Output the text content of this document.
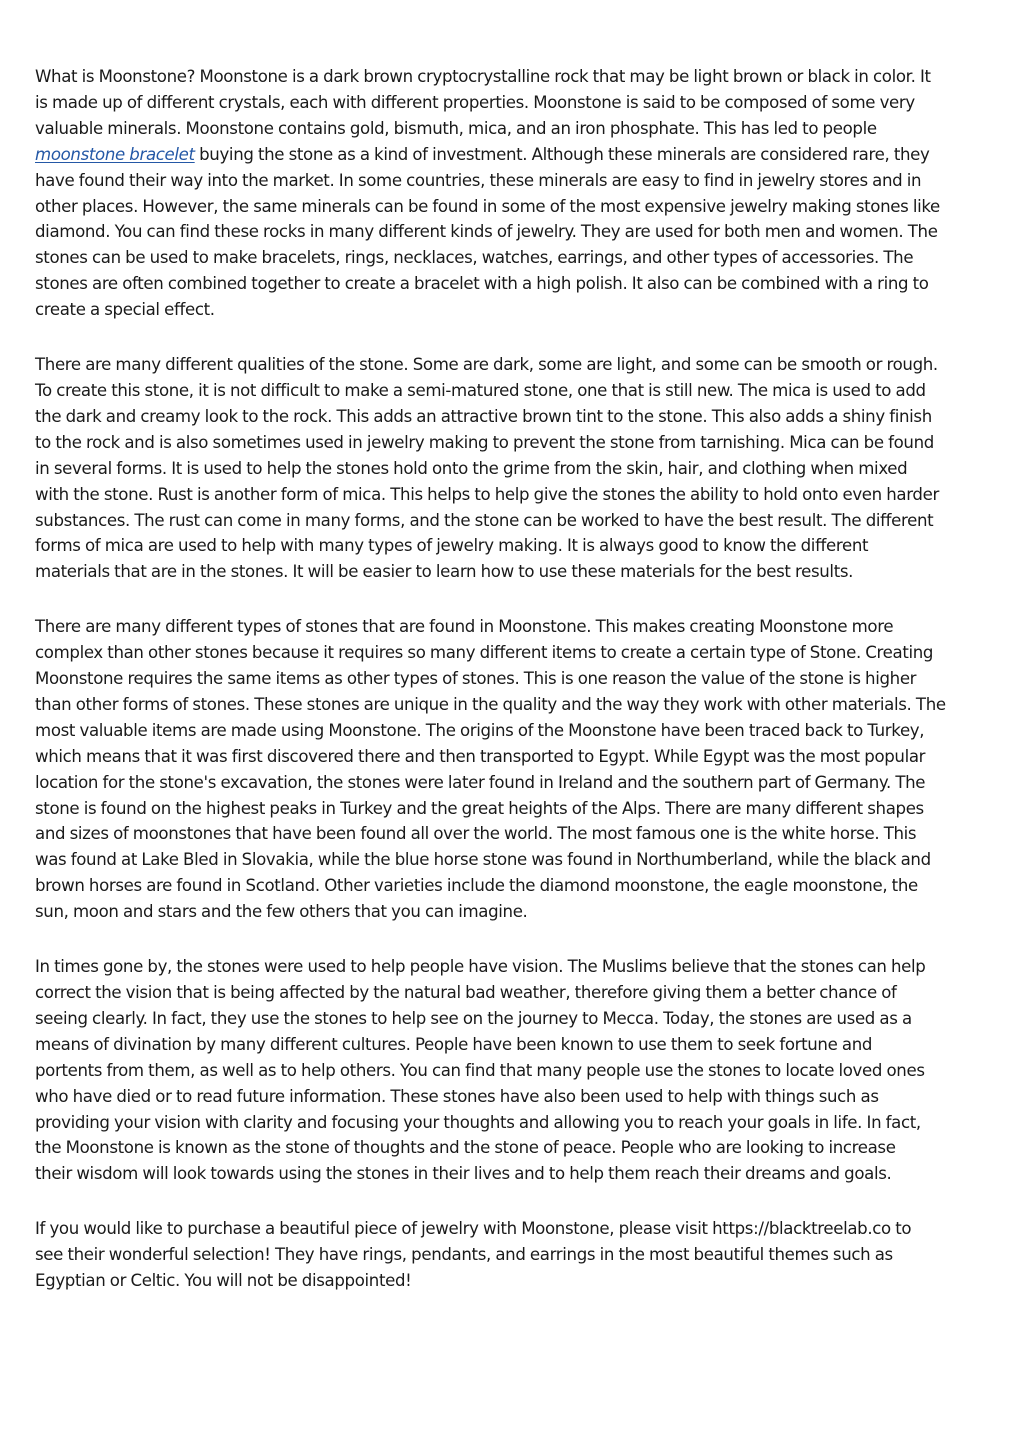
What is Moonstone? Moonstone is a dark brown cryptocrystalline rock that may be light brown or black in color. It
is made up of different crystals, each with different properties. Moonstone is said to be composed of some very
valuable minerals. Moonstone contains gold, bismuth, mica, and an iron phosphate. This has led to people
moonstone bracelet buying the stone as a kind of investment. Although these minerals are considered rare, they
have found their way into the market. In some countries, these minerals are easy to find in jewelry stores and in
other places. However, the same minerals can be found in some of the most expensive jewelry making stones like
diamond. You can find these rocks in many different kinds of jewelry. They are used for both men and women. The
stones can be used to make bracelets, rings, necklaces, watches, earrings, and other types of accessories. The
stones are often combined together to create a bracelet with a high polish. It also can be combined with a ring to
create a special effect.

There are many different qualities of the stone. Some are dark, some are light, and some can be smooth or rough.
To create this stone, it is not difficult to make a semi-matured stone, one that is still new. The mica is used to add
the dark and creamy look to the rock. This adds an attractive brown tint to the stone. This also adds a shiny finish
to the rock and is also sometimes used in jewelry making to prevent the stone from tarnishing. Mica can be found
in several forms. It is used to help the stones hold onto the grime from the skin, hair, and clothing when mixed
with the stone. Rust is another form of mica. This helps to help give the stones the ability to hold onto even harder
substances. The rust can come in many forms, and the stone can be worked to have the best result. The different
forms of mica are used to help with many types of jewelry making. It is always good to know the different
materials that are in the stones. It will be easier to learn how to use these materials for the best results.

There are many different types of stones that are found in Moonstone. This makes creating Moonstone more
complex than other stones because it requires so many different items to create a certain type of Stone. Creating
Moonstone requires the same items as other types of stones. This is one reason the value of the stone is higher
than other forms of stones. These stones are unique in the quality and the way they work with other materials. The
most valuable items are made using Moonstone. The origins of the Moonstone have been traced back to Turkey,
which means that it was first discovered there and then transported to Egypt. While Egypt was the most popular
location for the stone's excavation, the stones were later found in Ireland and the southern part of Germany. The
stone is found on the highest peaks in Turkey and the great heights of the Alps. There are many different shapes
and sizes of moonstones that have been found all over the world. The most famous one is the white horse. This
was found at Lake Bled in Slovakia, while the blue horse stone was found in Northumberland, while the black and
brown horses are found in Scotland. Other varieties include the diamond moonstone, the eagle moonstone, the
sun, moon and stars and the few others that you can imagine.

In times gone by, the stones were used to help people have vision. The Muslims believe that the stones can help
correct the vision that is being affected by the natural bad weather, therefore giving them a better chance of
seeing clearly. In fact, they use the stones to help see on the journey to Mecca. Today, the stones are used as a
means of divination by many different cultures. People have been known to use them to seek fortune and
portents from them, as well as to help others. You can find that many people use the stones to locate loved ones
who have died or to read future information. These stones have also been used to help with things such as
providing your vision with clarity and focusing your thoughts and allowing you to reach your goals in life. In fact,
the Moonstone is known as the stone of thoughts and the stone of peace. People who are looking to increase
their wisdom will look towards using the stones in their lives and to help them reach their dreams and goals.

If you would like to purchase a beautiful piece of jewelry with Moonstone, please visit https://blacktreelab.co to
see their wonderful selection! They have rings, pendants, and earrings in the most beautiful themes such as
Egyptian or Celtic. You will not be disappointed!
